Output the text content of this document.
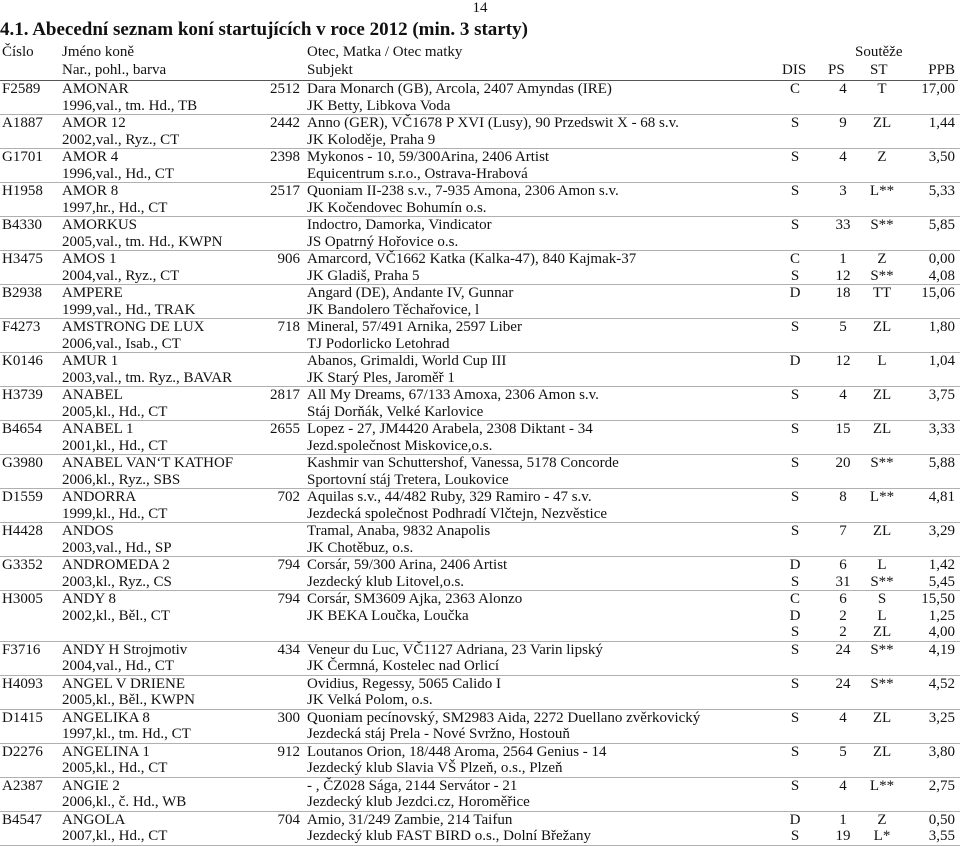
14
4.1. Abecední seznam koní startujících v roce 2012 (min. 3 starty)
Číslo Jméno koně
Nar., pohl., barva
Otec, Matka / Otec matky
Subjekt	DIS PS
Soutěže
ST	PPB
F2589 AMONAR	2512 Dara Monarch (GB), Arcola, 2407 Amyndas (IRE)	C	4	T	17,00
1996,val., tm. Hd., TB	JK Betty, Libkova Voda
A1887 AMOR 12	2442 Anno (GER), VČ1678 P XVI (Lusy), 90 Przedswit X - 68 s.v.	S	9	ZL	1,44
2002,val., Ryz., CT	JK Koloděje, Praha 9
G1701 AMOR 4	2398 Mykonos - 10, 59/300Arina, 2406 Artist	S	4	Z	3,50
1996,val., Hd., CT	Equicentrum s.r.o., Ostrava-Hrabová
H1958 AMOR 8	2517 Quoniam II-238 s.v., 7-935 Amona, 2306 Amon s.v.	S	3	L**	5,33
1997,hr., Hd., CT	JK Kočendovec Bohumín o.s.
B4330 AMORKUS	Indoctro, Damorka, Vindicator	S	33	S**	5,85
2005,val., tm. Hd., KWPN	JS Opatrný Hořovice o.s.
H3475 AMOS 1	906 Amarcord, VČ1662 Katka (Kalka-47), 840 Kajmak-37	C	1	Z	0,00
2004,val., Ryz., CT	JK Gladiš, Praha 5	S	12	S**	4,08
B2938 AMPERE	Angard (DE), Andante IV, Gunnar	D	18	TT	15,06
1999,val., Hd., TRAK	JK Bandolero Těchařovice, l
F4273 AMSTRONG DE LUX	718 Mineral, 57/491 Arnika, 2597 Liber	S	5	ZL	1,80
2006,val., Isab., CT	TJ Podorlicko Letohrad
K0146 AMUR 1	Abanos, Grimaldi, World Cup III	D	12	L	1,04
2003,val., tm. Ryz., BAVAR	JK Starý Ples, Jaroměř 1
H3739 ANABEL	2817 All My Dreams, 67/133 Amoxa, 2306 Amon s.v.	S	4	ZL	3,75
2005,kl., Hd., CT	Stáj Dorňák, Velké Karlovice
B4654 ANABEL 1	2655 Lopez - 27, JM4420 Arabela, 2308 Diktant - 34	S	15	ZL	3,33
2001,kl., Hd., CT	Jezd.společnost Miskovice,o.s.
G3980 ANABEL VAN‘T KATHOF	Kashmir van Schuttershof, Vanessa, 5178 Concorde	S	20	S**	5,88
2006,kl., Ryz., SBS	Sportovní stáj Tretera, Loukovice
D1559 ANDORRA	702 Aquilas s.v., 44/482 Ruby, 329 Ramiro - 47 s.v.	S	8	L**	4,81
1999,kl., Hd., CT	Jezdecká společnost Podhradí Vlčtejn, Nezvěstice
H4428 ANDOS	Tramal, Anaba, 9832 Anapolis	S	7	ZL	3,29
2003,val., Hd., SP	JK Chotěbuz, o.s.
G3352 ANDROMEDA 2	794 Corsár, 59/300 Arina, 2406 Artist	D	6	L	1,42
2003,kl., Ryz., CS	Jezdecký klub Litovel,o.s.	S	31	S**	5,45
H3005 ANDY 8	794 Corsár, SM3609 Ajka, 2363 Alonzo	C	6	S	15,50
2002,kl., Běl., CT	JK BEKA Loučka, Loučka	D	2	L	1,25
S	2	ZL	4,00
F3716 ANDY H Strojmotiv	434 Veneur du Luc, VČ1127 Adriana, 23 Varin lipský	S	24	S**	4,19
2004,val., Hd., CT	JK Čermná, Kostelec nad Orlicí
H4093 ANGEL V DRIENE	Ovidius, Regessy, 5065 Calido I	S	24	S**	4,52
2005,kl., Běl., KWPN	JK Velká Polom, o.s.
D1415 ANGELIKA 8	300 Quoniam pecínovský, SM2983 Aida, 2272 Duellano zvěrkovický	S	4	ZL	3,25
1997,kl., tm. Hd., CT	Jezdecká stáj Prela - Nové Svržno, Hostouň
D2276 ANGELINA 1	912 Loutanos Orion, 18/448 Aroma, 2564 Genius - 14	S	5	ZL	3,80
2005,kl., Hd., CT	Jezdecký klub Slavia VŠ Plzeň, o.s., Plzeň
A2387 ANGIE 2	- , ČZ028 Sága, 2144 Servátor - 21	S	4	L**	2,75
2006,kl., č. Hd., WB	Jezdecký klub Jezdci.cz, Horoměřice
B4547 ANGOLA	704 Amio, 31/249 Zambie, 214 Taifun	D	1	Z	0,50
2007,kl., Hd., CT	Jezdecký klub FAST BIRD o.s., Dolní Břežany	S	19	L*	3,55
